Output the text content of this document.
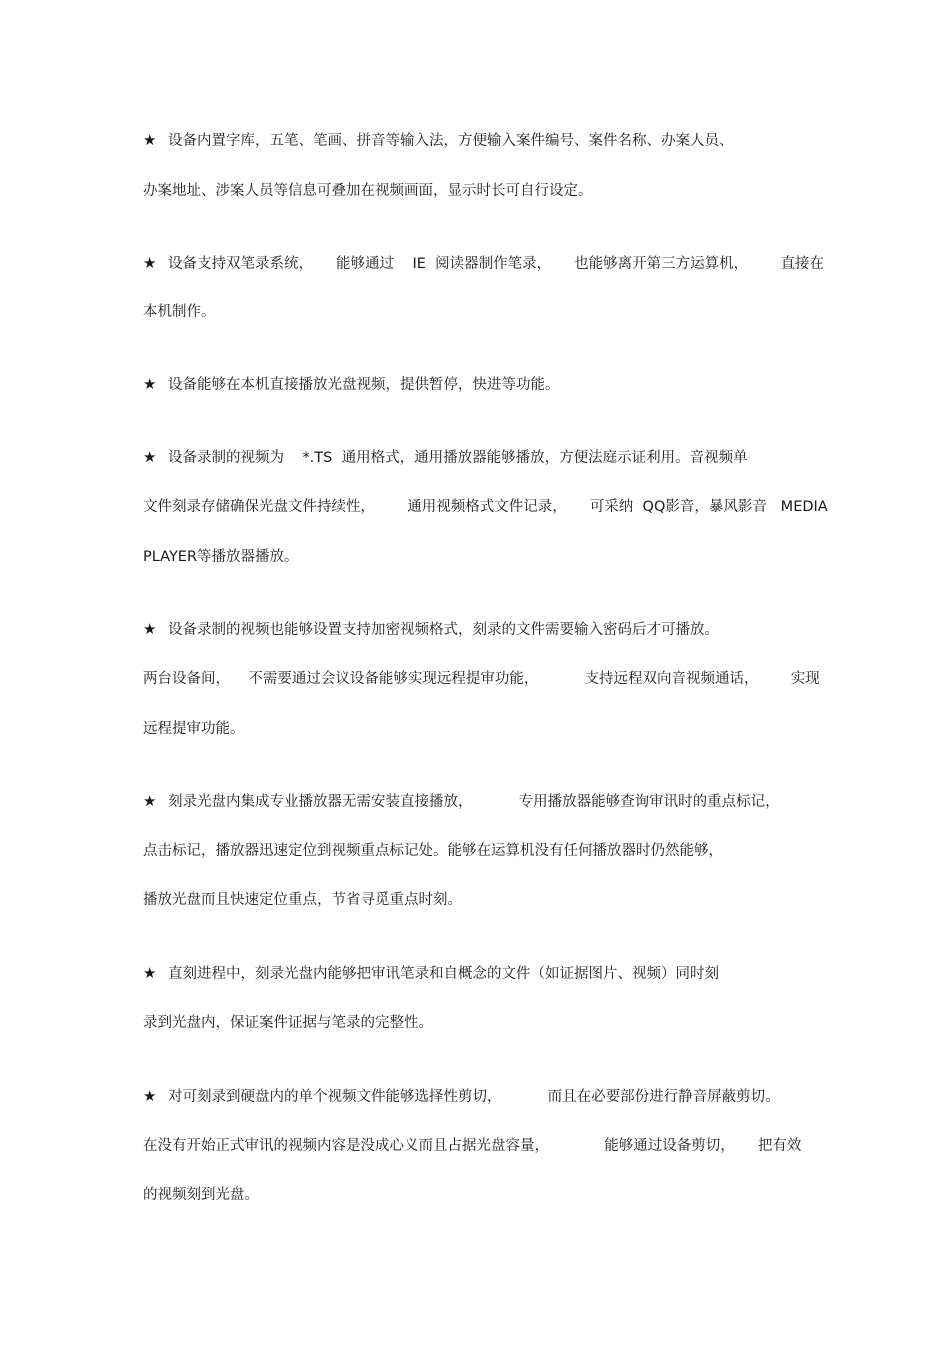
★ 设备内置字库，五笔、笔画、拼音等输入法，方便输入案件编号、案件名称、办案人员、
办案地址、涉案人员等信息可叠加在视频画面，显示时长可自行设定。
★ 设备支持双笔录系统，     能够通过    IE  阅读器制作笔录，     也能够离开第三方运算机，       直接在
本机制作。
★ 设备能够在本机直接播放光盘视频，提供暂停，快进等功能。
★ 设备录制的视频为    *.TS  通用格式，通用播放器能够播放，方便法庭示证利用。音视频单
文件刻录存储确保光盘文件持续性，       通用视频格式文件记录，     可采纳  QQ影音，暴风影音   MEDIA
PLAYER等播放器播放。
★ 设备录制的视频也能够设置支持加密视频格式，刻录的文件需要输入密码后才可播放。
两台设备间，    不需要通过会议设备能够实现远程提审功能，          支持远程双向音视频通话，       实现
远程提审功能。
★ 刻录光盘内集成专业播放器无需安装直接播放，          专用播放器能够查询审讯时的重点标记，
点击标记，播放器迅速定位到视频重点标记处。能够在运算机没有任何播放器时仍然能够，
播放光盘而且快速定位重点，节省寻觅重点时刻。
★ 直刻进程中，刻录光盘内能够把审讯笔录和自概念的文件（如证据图片、视频）同时刻
录到光盘内，保证案件证据与笔录的完整性。
★ 对可刻录到硬盘内的单个视频文件能够选择性剪切，          而且在必要部份进行静音屏蔽剪切。
在没有开始正式审讯的视频内容是没成心义而且占据光盘容量，            能够通过设备剪切，     把有效
的视频刻到光盘。
